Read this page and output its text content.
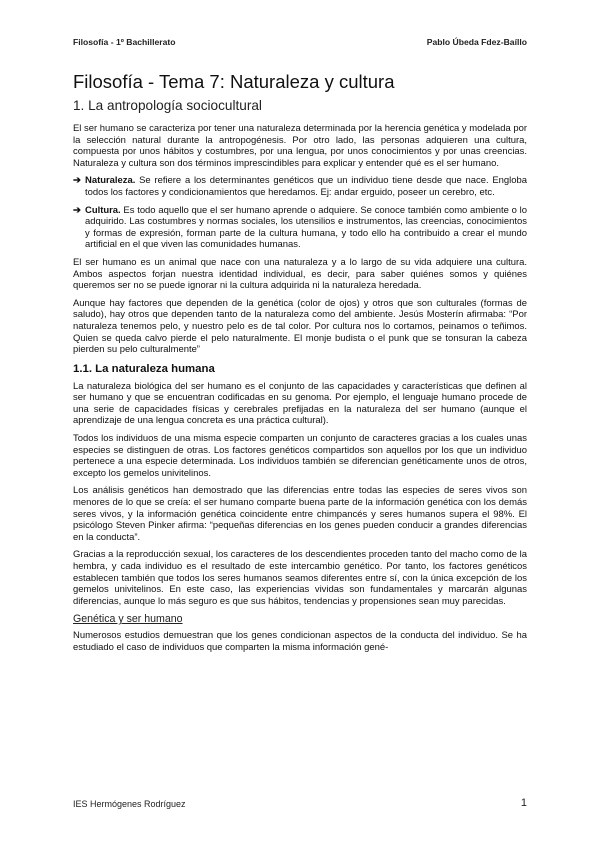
Filosofía - 1º Bachillerato	Pablo Úbeda Fdez-Baíllo
Filosofía - Tema 7: Naturaleza y cultura
1. La antropología sociocultural

El ser humano se caracteriza por tener una naturaleza determinada por la herencia genética y modelada por la selección natural durante la antropogénesis. Por otro lado, las personas adquieren una cultura, compuesta por unos hábitos y costumbres, por una lengua, por unos conocimientos y por unas creencias. Naturaleza y cultura son dos términos imprescindibles para explicar y entender qué es el ser humano.

➔ Naturaleza. Se refiere a los determinantes genéticos que un individuo tiene desde que nace. Engloba todos los factores y condicionamientos que heredamos. Ej: andar erguido, poseer un cerebro, etc.
➔ Cultura. Es todo aquello que el ser humano aprende o adquiere. Se conoce también como ambiente o lo adquirido. Las costumbres y normas sociales, los utensilios e instrumentos, las creencias, conocimientos y formas de expresión, forman parte de la cultura humana, y todo ello ha contribuido a crear el mundo artificial en el que viven las comunidades humanas.

El ser humano es un animal que nace con una naturaleza y a lo largo de su vida adquiere una cultura. Ambos aspectos forjan nuestra identidad individual, es decir, para saber quiénes somos y quiénes queremos ser no se puede ignorar ni la cultura adquirida ni la naturaleza heredada.

Aunque hay factores que dependen de la genética (color de ojos) y otros que son culturales (formas de saludo), hay otros que dependen tanto de la naturaleza como del ambiente. Jesús Mosterín afirmaba: “Por naturaleza tenemos pelo, y nuestro pelo es de tal color. Por cultura nos lo cortamos, peinamos o teñimos. Quien se queda calvo pierde el pelo naturalmente. El monje budista o el punk que se tonsuran la cabeza pierden su pelo culturalmente”

1.1. La naturaleza humana

La naturaleza biológica del ser humano es el conjunto de las capacidades y características que definen al ser humano y que se encuentran codificadas en su genoma. Por ejemplo, el lenguaje humano procede de una serie de capacidades físicas y cerebrales prefijadas en la naturaleza del ser humano (aunque el aprendizaje de una lengua concreta es una práctica cultural).

Todos los individuos de una misma especie comparten un conjunto de caracteres gracias a los cuales unas especies se distinguen de otras. Los factores genéticos compartidos son aquellos por los que un individuo pertenece a una especie determinada. Los individuos también se diferencian genéticamente unos de otros, excepto los gemelos univitelinos.

Los análisis genéticos han demostrado que las diferencias entre todas las especies de seres vivos son menores de lo que se creía: el ser humano comparte buena parte de la información genética con los demás seres vivos, y la información genética coincidente entre chimpancés y seres humanos supera el 98%. El psicólogo Steven Pinker afirma: “pequeñas diferencias en los genes pueden conducir a grandes diferencias en la conducta”.

Gracias a la reproducción sexual, los caracteres de los descendientes proceden tanto del macho como de la hembra, y cada individuo es el resultado de este intercambio genético. Por tanto, los factores genéticos establecen también que todos los seres humanos seamos diferentes entre sí, con la única excepción de los gemelos univitelinos. En este caso, las experiencias vividas son fundamentales y marcarán algunas diferencias, aunque lo más seguro es que sus hábitos, tendencias y propensiones sean muy parecidas.

Genética y ser humano

Numerosos estudios demuestran que los genes condicionan aspectos de la conducta del individuo. Se ha estudiado el caso de individuos que comparten la misma información gené-

IES Hermógenes Rodríguez	1
